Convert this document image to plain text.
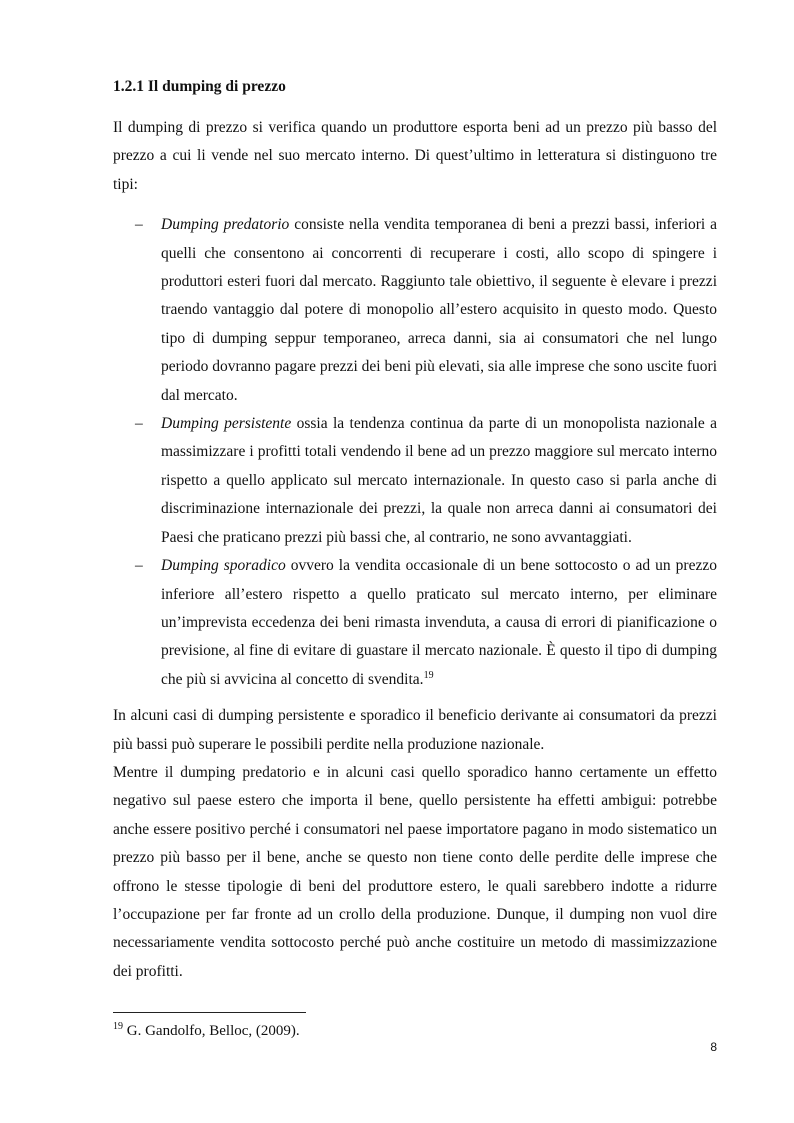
1.2.1 Il dumping di prezzo

Il dumping di prezzo si verifica quando un produttore esporta beni ad un prezzo più basso del prezzo a cui li vende nel suo mercato interno. Di quest’ultimo in letteratura si distinguono tre tipi:

– Dumping predatorio consiste nella vendita temporanea di beni a prezzi bassi, inferiori a quelli che consentono ai concorrenti di recuperare i costi, allo scopo di spingere i produttori esteri fuori dal mercato. Raggiunto tale obiettivo, il seguente è elevare i prezzi traendo vantaggio dal potere di monopolio all’estero acquisito in questo modo. Questo tipo di dumping seppur temporaneo, arreca danni, sia ai consumatori che nel lungo periodo dovranno pagare prezzi dei beni più elevati, sia alle imprese che sono uscite fuori dal mercato.
– Dumping persistente ossia la tendenza continua da parte di un monopolista nazionale a massimizzare i profitti totali vendendo il bene ad un prezzo maggiore sul mercato interno rispetto a quello applicato sul mercato internazionale. In questo caso si parla anche di discriminazione internazionale dei prezzi, la quale non arreca danni ai consumatori dei Paesi che praticano prezzi più bassi che, al contrario, ne sono avvantaggiati.
– Dumping sporadico ovvero la vendita occasionale di un bene sottocosto o ad un prezzo inferiore all’estero rispetto a quello praticato sul mercato interno, per eliminare un’imprevista eccedenza dei beni rimasta invenduta, a causa di errori di pianificazione o previsione, al fine di evitare di guastare il mercato nazionale. È questo il tipo di dumping che più si avvicina al concetto di svendita.$^{19}$

In alcuni casi di dumping persistente e sporadico il beneficio derivante ai consumatori da prezzi più bassi può superare le possibili perdite nella produzione nazionale.

Mentre il dumping predatorio e in alcuni casi quello sporadico hanno certamente un effetto negativo sul paese estero che importa il bene, quello persistente ha effetti ambigui: potrebbe anche essere positivo perché i consumatori nel paese importatore pagano in modo sistematico un prezzo più basso per il bene, anche se questo non tiene conto delle perdite delle imprese che offrono le stesse tipologie di beni del produttore estero, le quali sarebbero indotte a ridurre l’occupazione per far fronte ad un crollo della produzione. Dunque, il dumping non vuol dire necessariamente vendita sottocosto perché può anche costituire un metodo di massimizzazione dei profitti.

$^{19}$ G. Gandolfo, Belloc, (2009).
8
